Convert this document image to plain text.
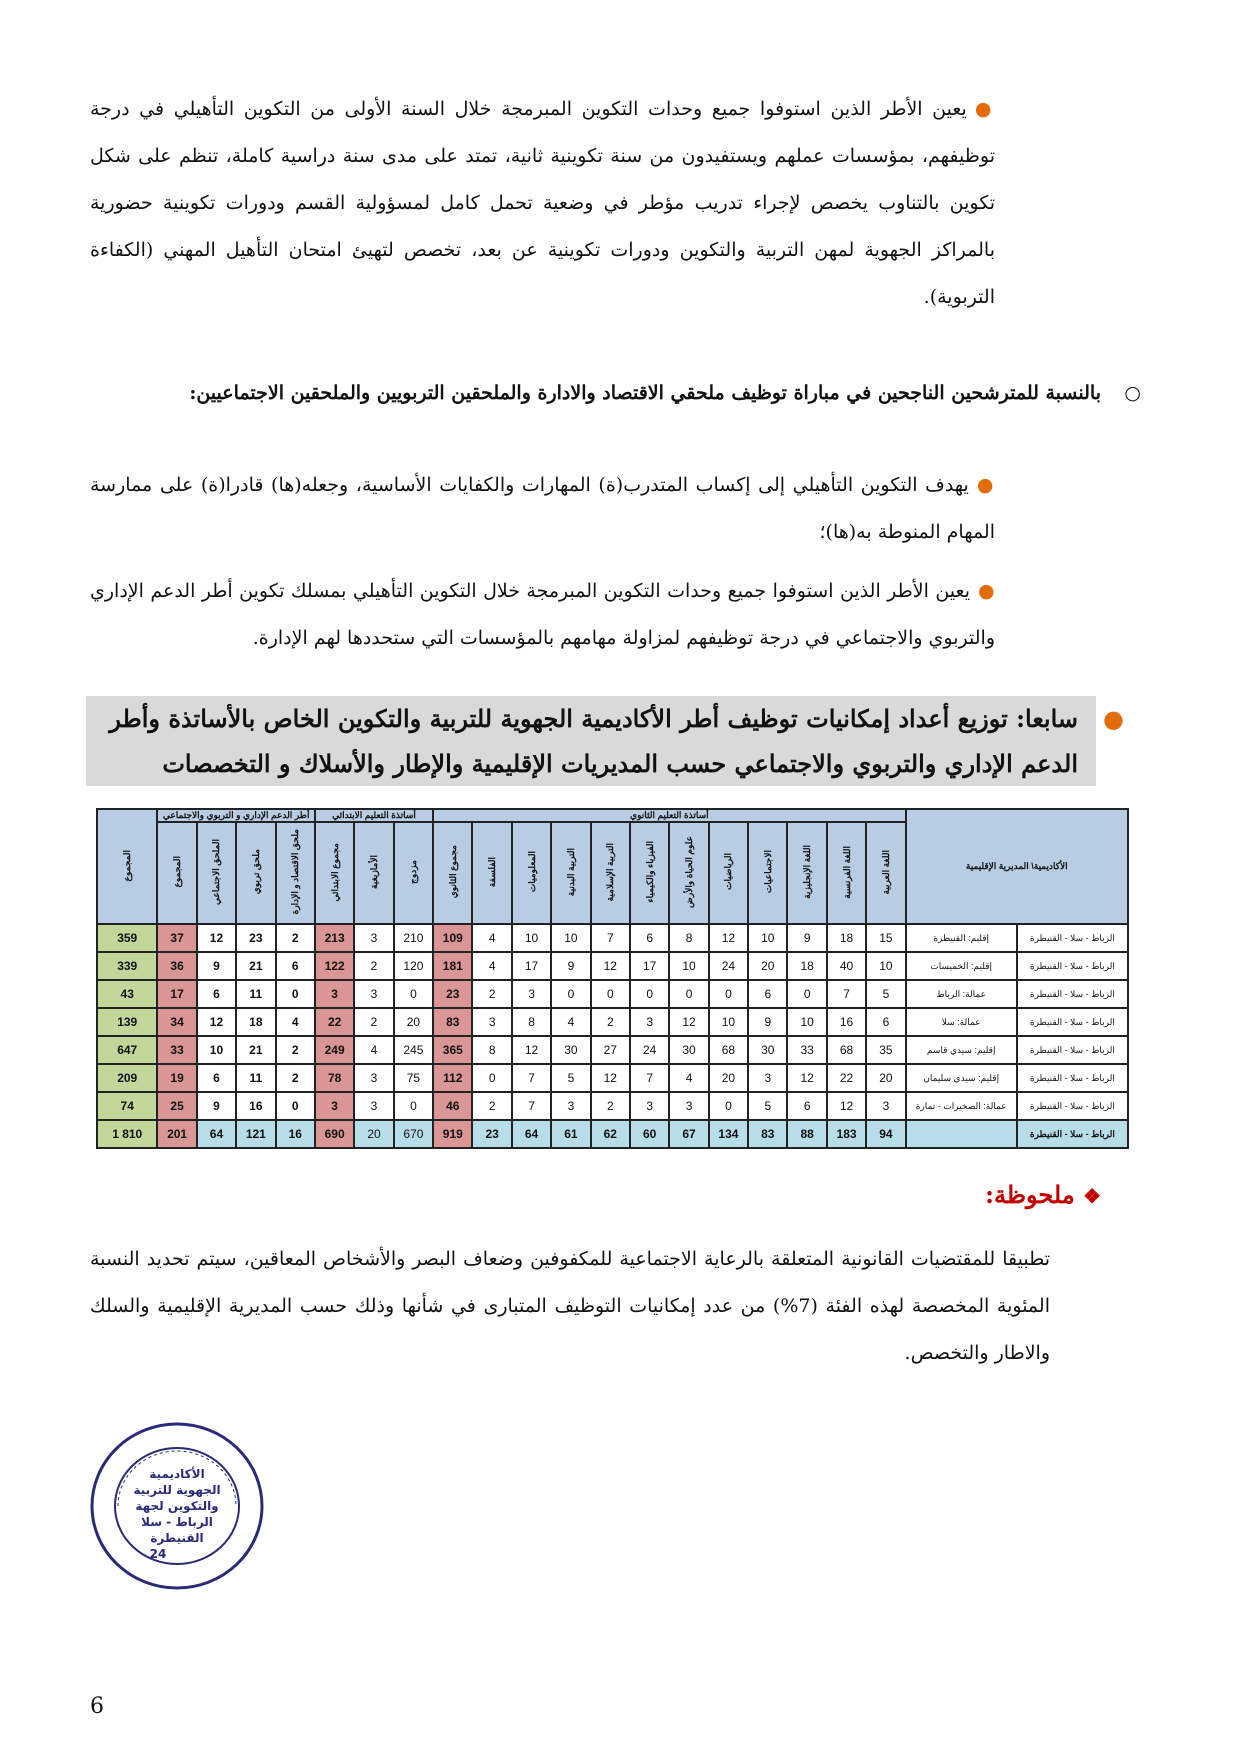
●يعين الأطر الذين استوفوا جميع وحدات التكوين المبرمجة خلال السنة الأولى من التكوين التأهيلي في درجة توظيفهم، بمؤسسات عملهم ويستفيدون من سنة تكوينية ثانية، تمتد على مدى سنة دراسية كاملة، تنظم على شكل تكوين بالتناوب يخصص لإجراء تدريب مؤطر في وضعية تحمل كامل لمسؤولية القسم ودورات تكوينية حضورية بالمراكز الجهوية لمهن التربية والتكوين ودورات تكوينية عن بعد، تخصص لتهيئ امتحان التأهيل المهني (الكفاءة التربوية).
○
بالنسبة للمترشحين الناجحين في مباراة توظيف ملحقي الاقتصاد والادارة والملحقين التربويين والملحقين الاجتماعيين:
●يهدف التكوين التأهيلي إلى إكساب المتدرب(ة) المهارات والكفايات الأساسية، وجعله(ها) قادرا(ة) على ممارسة المهام المنوطة به(ها)؛
●يعين الأطر الذين استوفوا جميع وحدات التكوين المبرمجة خلال التكوين التأهيلي بمسلك تكوين أطر الدعم الإداري والتربوي والاجتماعي في درجة توظيفهم لمزاولة مهامهم بالمؤسسات التي ستحددها لهم الإدارة.
●
سابعا: توزيع أعداد إمكانيات توظيف أطر الأكاديمية الجهوية للتربية والتكوين الخاص بالأساتذة وأطر الدعم الإداري والتربوي والاجتماعي حسب المديريات الإقليمية والإطار والأسلاك و التخصصات
المجموع	أطر الدعم الإداري و التربوي والاجتماعي				أساتذة التعليم الابتدائي			أساتذة التعليم الثانوي												الأكاديمية\ المديرية الإقليمية	
	المجموع	الملحق الاجتماعي	ملحق تربوي	ملحق الاقتصاد و الإدارة	مجموع الابتدائي	الأمازيغية	مزدوج	مجموع الثانوي	الفلسفة	المعلوميات	التربية البدنية	التربية الإسلامية	الفيزياء والكيمياء	علوم الحياة والأرض	الرياضيات	الاجتماعيات	اللغة الإنجليزية	اللغة الفرنسية	اللغة العربية		
359	37	12	23	2	213	3	210	109	4	10	10	7	6	8	12	10	9	18	15	إقليم: القنيطرة	الرباط - سلا - القنيطرة
339	36	9	21	6	122	2	120	181	4	17	9	12	17	10	24	20	18	40	10	إقليم: الخميسات	الرباط - سلا - القنيطرة
43	17	6	11	0	3	3	0	23	2	3	0	0	0	0	0	6	0	7	5	عمالة: الرباط	الرباط - سلا - القنيطرة
139	34	12	18	4	22	2	20	83	3	8	4	2	3	12	10	9	10	16	6	عمالة: سلا	الرباط - سلا - القنيطرة
647	33	10	21	2	249	4	245	365	8	12	30	27	24	30	68	30	33	68	35	إقليم: سيدي قاسم	الرباط - سلا - القنيطرة
209	19	6	11	2	78	3	75	112	0	7	5	12	7	4	20	3	12	22	20	إقليم: سيدي سليمان	الرباط - سلا - القنيطرة
74	25	9	16	0	3	3	0	46	2	7	3	2	3	3	0	5	6	12	3	عمالة: الصخيرات - تمارة	الرباط - سلا - القنيطرة
1 810	201	64	121	16	690	20	670	919	23	64	61	62	60	67	134	83	88	183	94		الرباط - سلا - القنيطرة
❖ ملحوظة:
تطبيقا للمقتضيات القانونية المتعلقة بالرعاية الاجتماعية للمكفوفين وضعاف البصر والأشخاص المعاقين، سيتم تحديد النسبة المئوية المخصصة لهذه الفئة (7%) من عدد إمكانيات التوظيف المتبارى في شأنها وذلك حسب المديرية الإقليمية والسلك والاطار والتخصص.
الأكاديمية
الجهوية للتربية
والتكوين لجهة
الرباط - سلا
القنيطرة
24
6
